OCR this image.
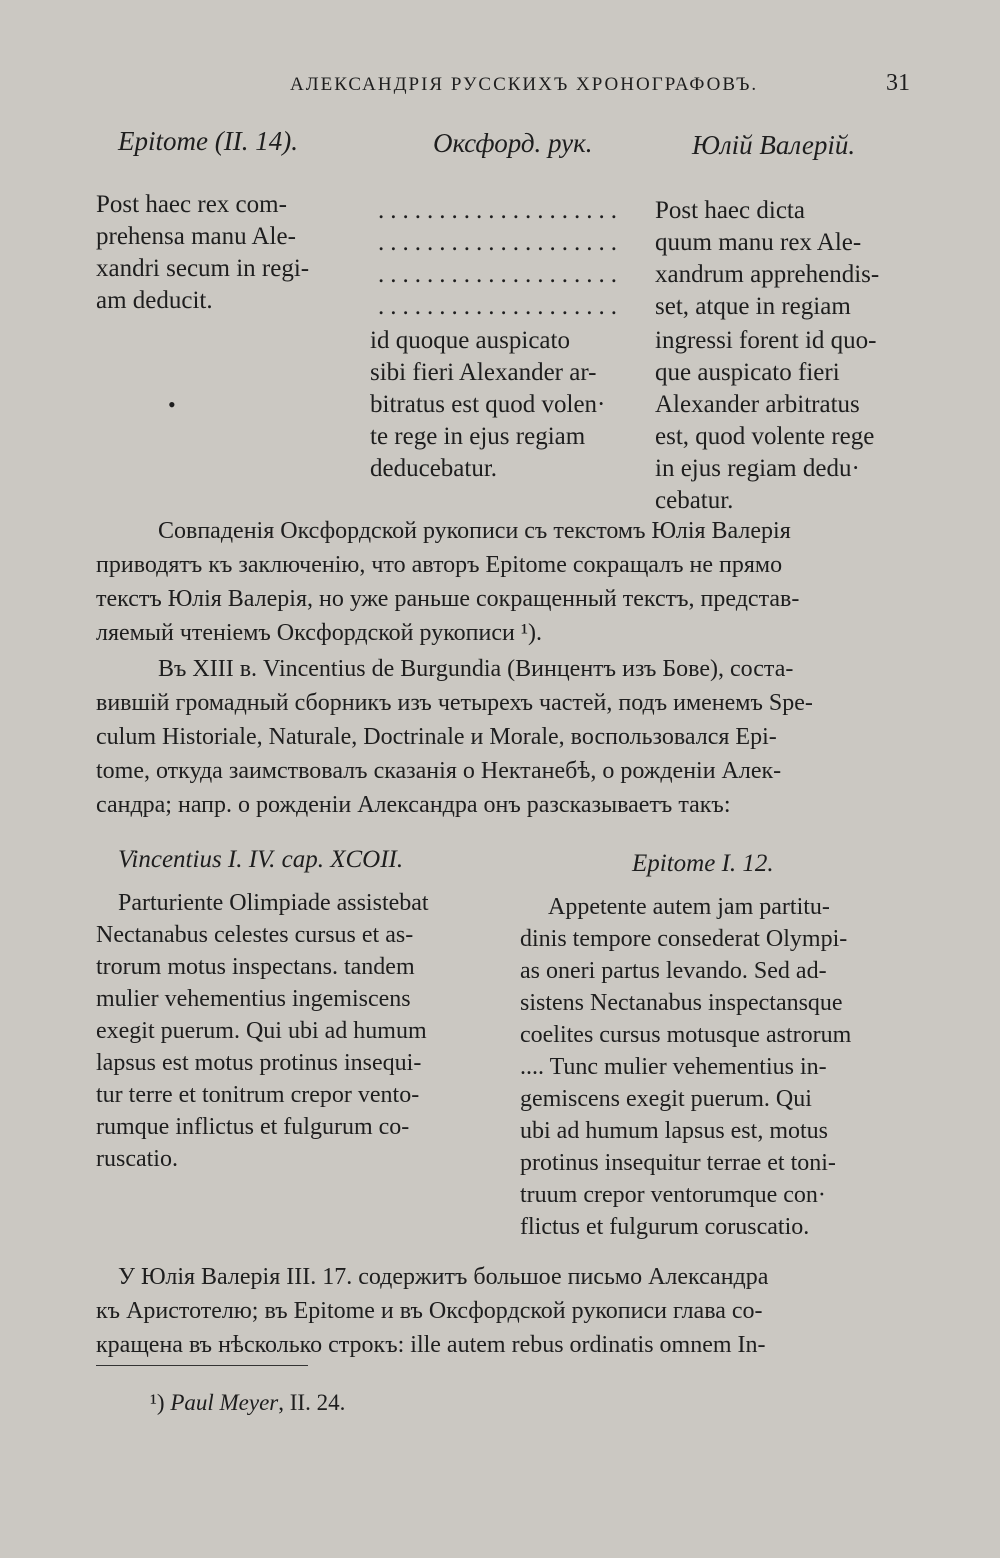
АЛЕКСАНДРІЯ РУССКИХЪ ХРОНОГРАФОВЪ.	31
Epitome (II. 14).	Оксфорд. рук.	Юлій Валерій.
Post haec rex com-
prehensa manu Ale-
xandri secum in regi-
am deducit.
....................
....................
....................
....................
id quoque auspicato
sibi fieri Alexander ar-
bitratus est quod volen·
te rege in ejus regiam
deducebatur.
•
Post haec dicta
quum manu rex Ale-
xandrum apprehendis-
set, atque in regiam
ingressi forent id quo-
que auspicato fieri
Alexander arbitratus
est, quod volente rege
in ejus regiam dedu·
cebatur.
Совпаденія Оксфордской рукописи съ текстомъ Юлія Валерія
приводятъ къ заключенію, что авторъ Epitome сокращалъ не прямо
текстъ Юлія Валерія, но уже раньше сокращенный текстъ, представ-
ляемый чтеніемъ Оксфордской рукописи ¹).
Въ XIII в. Vincentius de Burgundia (Винцентъ изъ Бове), соста-
вившій громадный сборникъ изъ четырехъ частей, подъ именемъ Spe-
culum Historiale, Naturale, Doctrinale и Morale, воспользовался Epi-
tome, откуда заимствовалъ сказанія о Нектанебѣ, о рожденіи Алек-
сандра; напр. о рожденіи Александра онъ разсказываетъ такъ:
Vincentius I. IV. cap. XCOII.	Epitome I. 12.
Parturiente Olimpiade assistebat
Nectanabus celestes cursus et as-
trorum motus inspectans. tandem
mulier vehementius ingemiscens
exegit puerum. Qui ubi ad humum
lapsus est motus protinus insequi-
tur terre et tonitrum crepor vento-
rumque inflictus et fulgurum co-
ruscatio.
Appetente autem jam partitu-
dinis tempore consederat Olympi-
as oneri partus levando. Sed ad-
sistens Nectanabus inspectansque
coelites cursus motusque astrorum
.... Tunc mulier vehementius in-
gemiscens exegit puerum. Qui
ubi ad humum lapsus est, motus
protinus insequitur terrae et toni-
truum crepor ventorumque con·
flictus et fulgurum coruscatio.
У Юлія Валерія III. 17. содержитъ большое письмо Александра
къ Аристотелю; въ Epitome и въ Оксфордской рукописи глава со-
кращена въ нѣсколько строкъ: ille autem rebus ordinatis omnem In-
¹) Paul Meyer, II. 24.
